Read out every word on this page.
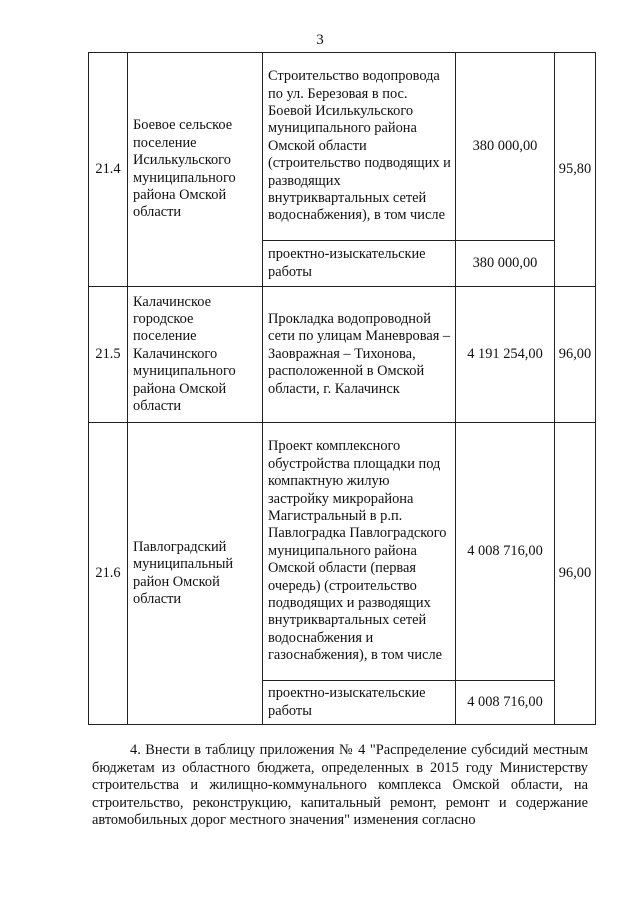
3
21.4	Боевое сельское поселение Исилькульского муниципального района Омской области	Строительство водопровода по ул. Березовая в пос. Боевой Исилькульского муниципального района Омской области (строительство подводящих и разводящих внутриквартальных сетей водоснабжения), в том числе	380 000,00	95,80
		проектно-изыскательские работы	380 000,00	
21.5	Калачинское городское поселение Калачинского муниципального района Омской области	Прокладка водопроводной сети по улицам Маневровая – Заовражная – Тихонова, расположенной в Омской области, г. Калачинск	4 191 254,00	96,00
21.6	Павлоградский муниципальный район Омской области	Проект комплексного обустройства площадки под компактную жилую застройку микрорайона Магистральный в р.п. Павлоградка Павлоградского муниципального района Омской области (первая очередь) (строительство подводящих и разводящих внутриквартальных сетей водоснабжения и газоснабжения), в том числе	4 008 716,00	96,00
		проектно-изыскательские работы	4 008 716,00	
4. Внести в таблицу приложения № 4 "Распределение субсидий местным бюджетам из областного бюджета, определенных в 2015 году Министерству строительства и жилищно-коммунального комплекса Омской области, на строительство, реконструкцию, капитальный ремонт, ремонт и содержание автомобильных дорог местного значения" изменения согласно
